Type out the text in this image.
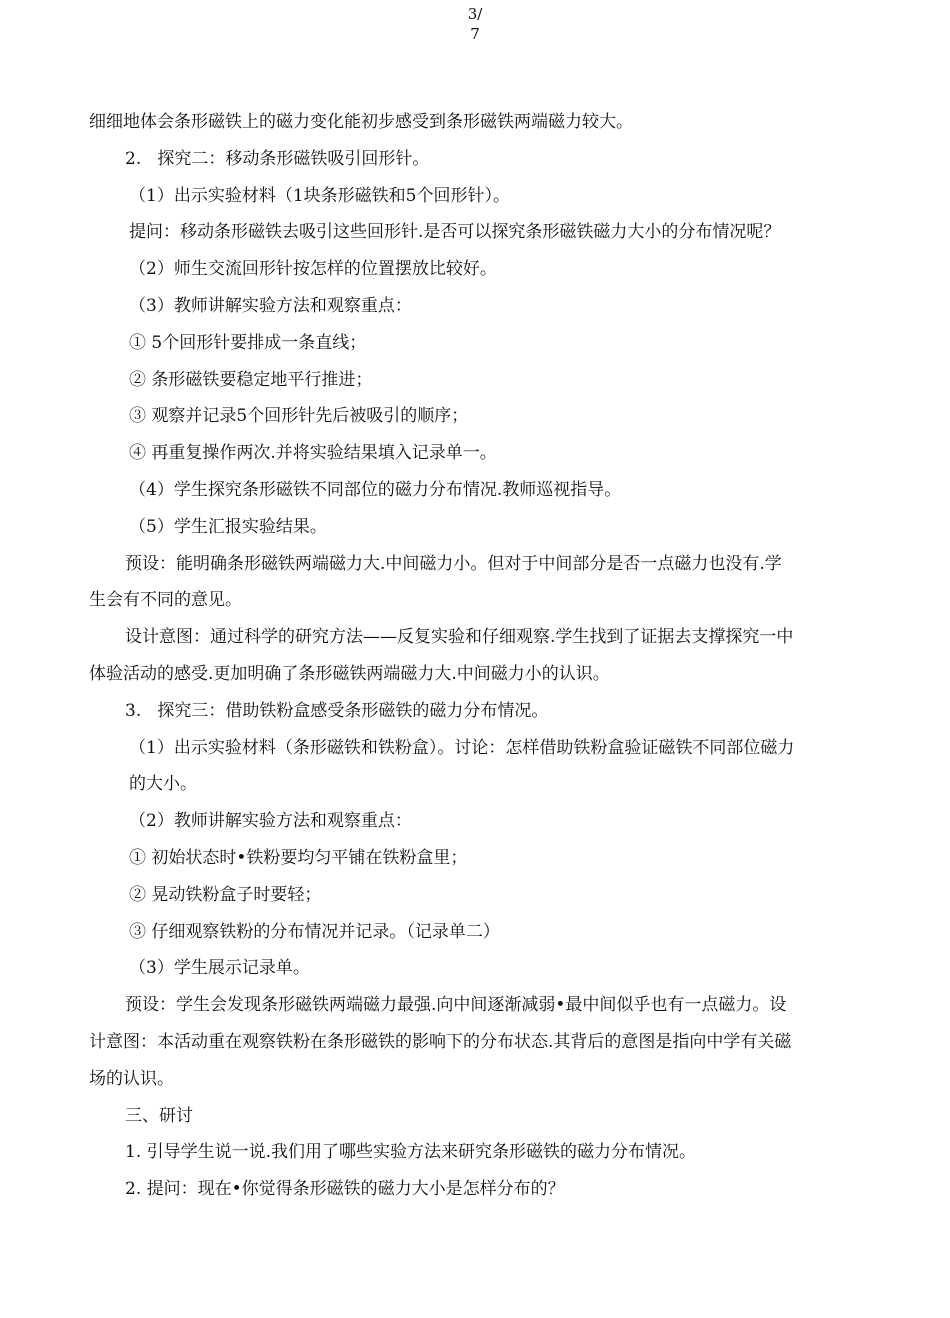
3/
7
细细地体会条形磁铁上的磁力变化能初步感受到条形磁铁两端磁力较大。
2.   探究二：移动条形磁铁吸引回形针。
（1）出示实验材料（1块条形磁铁和5个回形针）。
提问：移动条形磁铁去吸引这些回形针.是否可以探究条形磁铁磁力大小的分布情况呢？
（2）师生交流回形针按怎样的位置摆放比较好。
（3）教师讲解实验方法和观察重点：
① 5个回形针要排成一条直线；
② 条形磁铁要稳定地平行推进；
③ 观察并记录5个回形针先后被吸引的顺序；
④ 再重复操作两次.并将实验结果填入记录单一。
（4）学生探究条形磁铁不同部位的磁力分布情况.教师巡视指导。
（5）学生汇报实验结果。
预设：能明确条形磁铁两端磁力大.中间磁力小。但对于中间部分是否一点磁力也没有.学
生会有不同的意见。
设计意图：通过科学的研究方法——反复实验和仔细观察.学生找到了证据去支撑探究一中
体验活动的感受.更加明确了条形磁铁两端磁力大.中间磁力小的认识。
3.   探究三：借助铁粉盒感受条形磁铁的磁力分布情况。
（1）出示实验材料（条形磁铁和铁粉盒）。讨论：怎样借助铁粉盒验证磁铁不同部位磁力
的大小。
（2）教师讲解实验方法和观察重点：
① 初始状态时•铁粉要均匀平铺在铁粉盒里；
② 晃动铁粉盒子时要轻；
③ 仔细观察铁粉的分布情况并记录。（记录单二）
（3）学生展示记录单。
预设：学生会发现条形磁铁两端磁力最强.向中间逐渐减弱•最中间似乎也有一点磁力。设
计意图：本活动重在观察铁粉在条形磁铁的影响下的分布状态.其背后的意图是指向中学有关磁
场的认识。
三、研讨
1. 引导学生说一说.我们用了哪些实验方法来研究条形磁铁的磁力分布情况。
2. 提问：现在•你觉得条形磁铁的磁力大小是怎样分布的？
